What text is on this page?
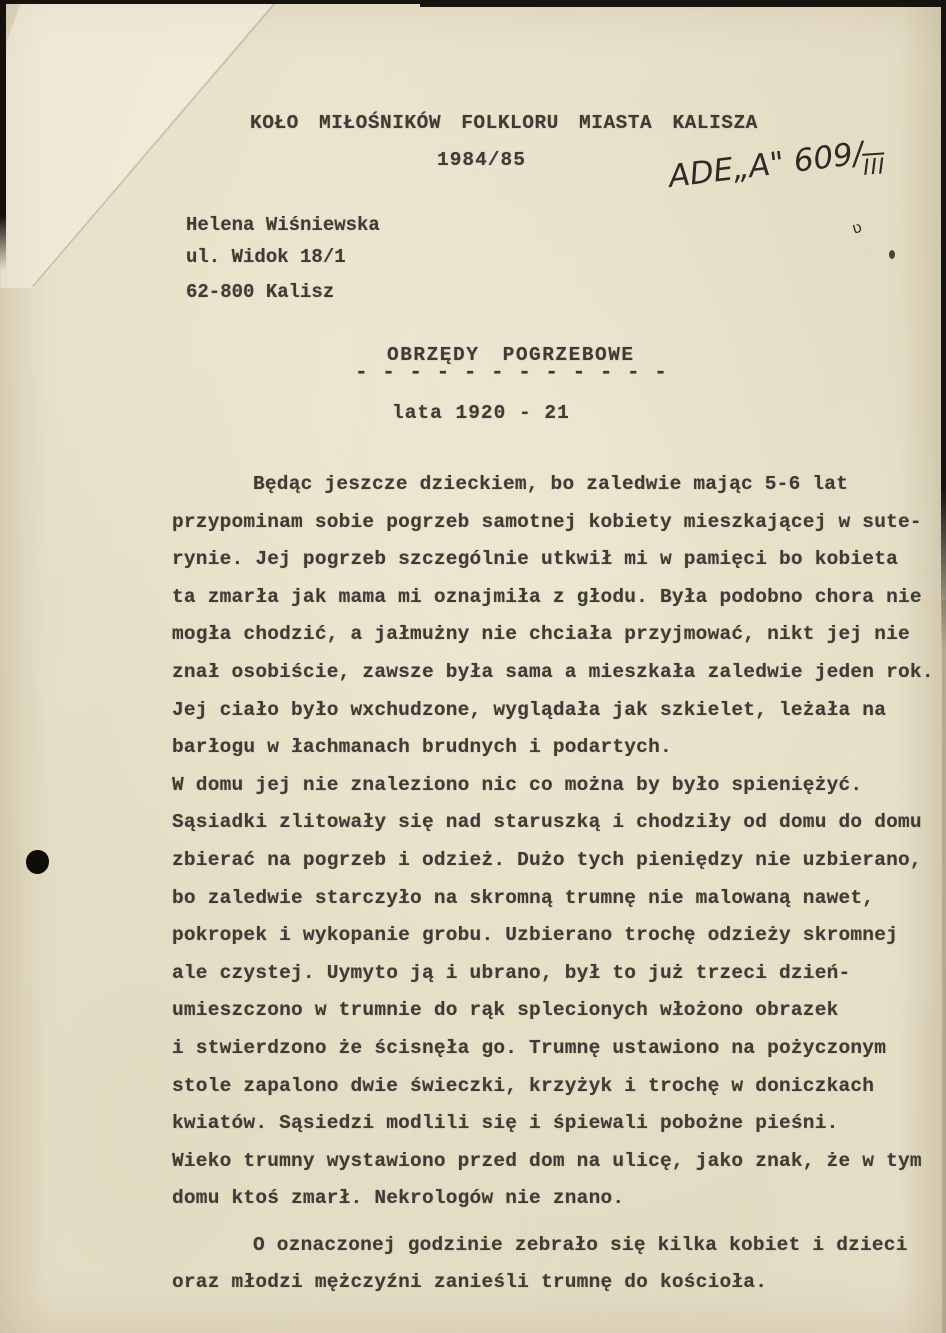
KOŁO MIŁOŚNIKÓW FOLKLORU MIASTA KALISZA
1984/85	ADE„A" 609/III
ʋ
Helena Wiśniewska
ul. Widok 18/1
62-800 Kalisz
OBRZĘDY POGRZEBOWE
- - - - - - - - - - - -
lata 1920 - 21
Będąc jeszcze dzieckiem, bo zaledwie mając 5-6 lat
przypominam sobie pogrzeb samotnej kobiety mieszkającej w sute-
rynie. Jej pogrzeb szczególnie utkwił mi w pamięci bo kobieta
ta zmarła jak mama mi oznajmiła z głodu. Była podobno chora nie
mogła chodzić, a jałmużny nie chciała przyjmować, nikt jej nie
znał osobiście, zawsze była sama a mieszkała zaledwie jeden rok.
Jej ciało było wxchudzone, wyglądała jak szkielet, leżała na
barłogu w łachmanach brudnych i podartych.
W domu jej nie znaleziono nic co można by było spieniężyć.
Sąsiadki zlitowały się nad staruszką i chodziły od domu do domu
zbierać na pogrzeb i odzież. Dużo tych pieniędzy nie uzbierano,
bo zaledwie starczyło na skromną trumnę nie malowaną nawet,
pokropek i wykopanie grobu. Uzbierano trochę odzieży skromnej
ale czystej. Uymyto ją i ubrano, był to już trzeci dzień-
umieszczono w trumnie do rąk splecionych włożono obrazek
i stwierdzono że ścisnęła go. Trumnę ustawiono na pożyczonym
stole zapalono dwie świeczki, krzyżyk i trochę w doniczkach
kwiatów. Sąsiedzi modlili się i śpiewali pobożne pieśni.
Wieko trumny wystawiono przed dom na ulicę, jako znak, że w tym
domu ktoś zmarł. Nekrologów nie znano.
O oznaczonej godzinie zebrało się kilka kobiet i dzieci
oraz młodzi mężczyźni zanieśli trumnę do kościoła.
